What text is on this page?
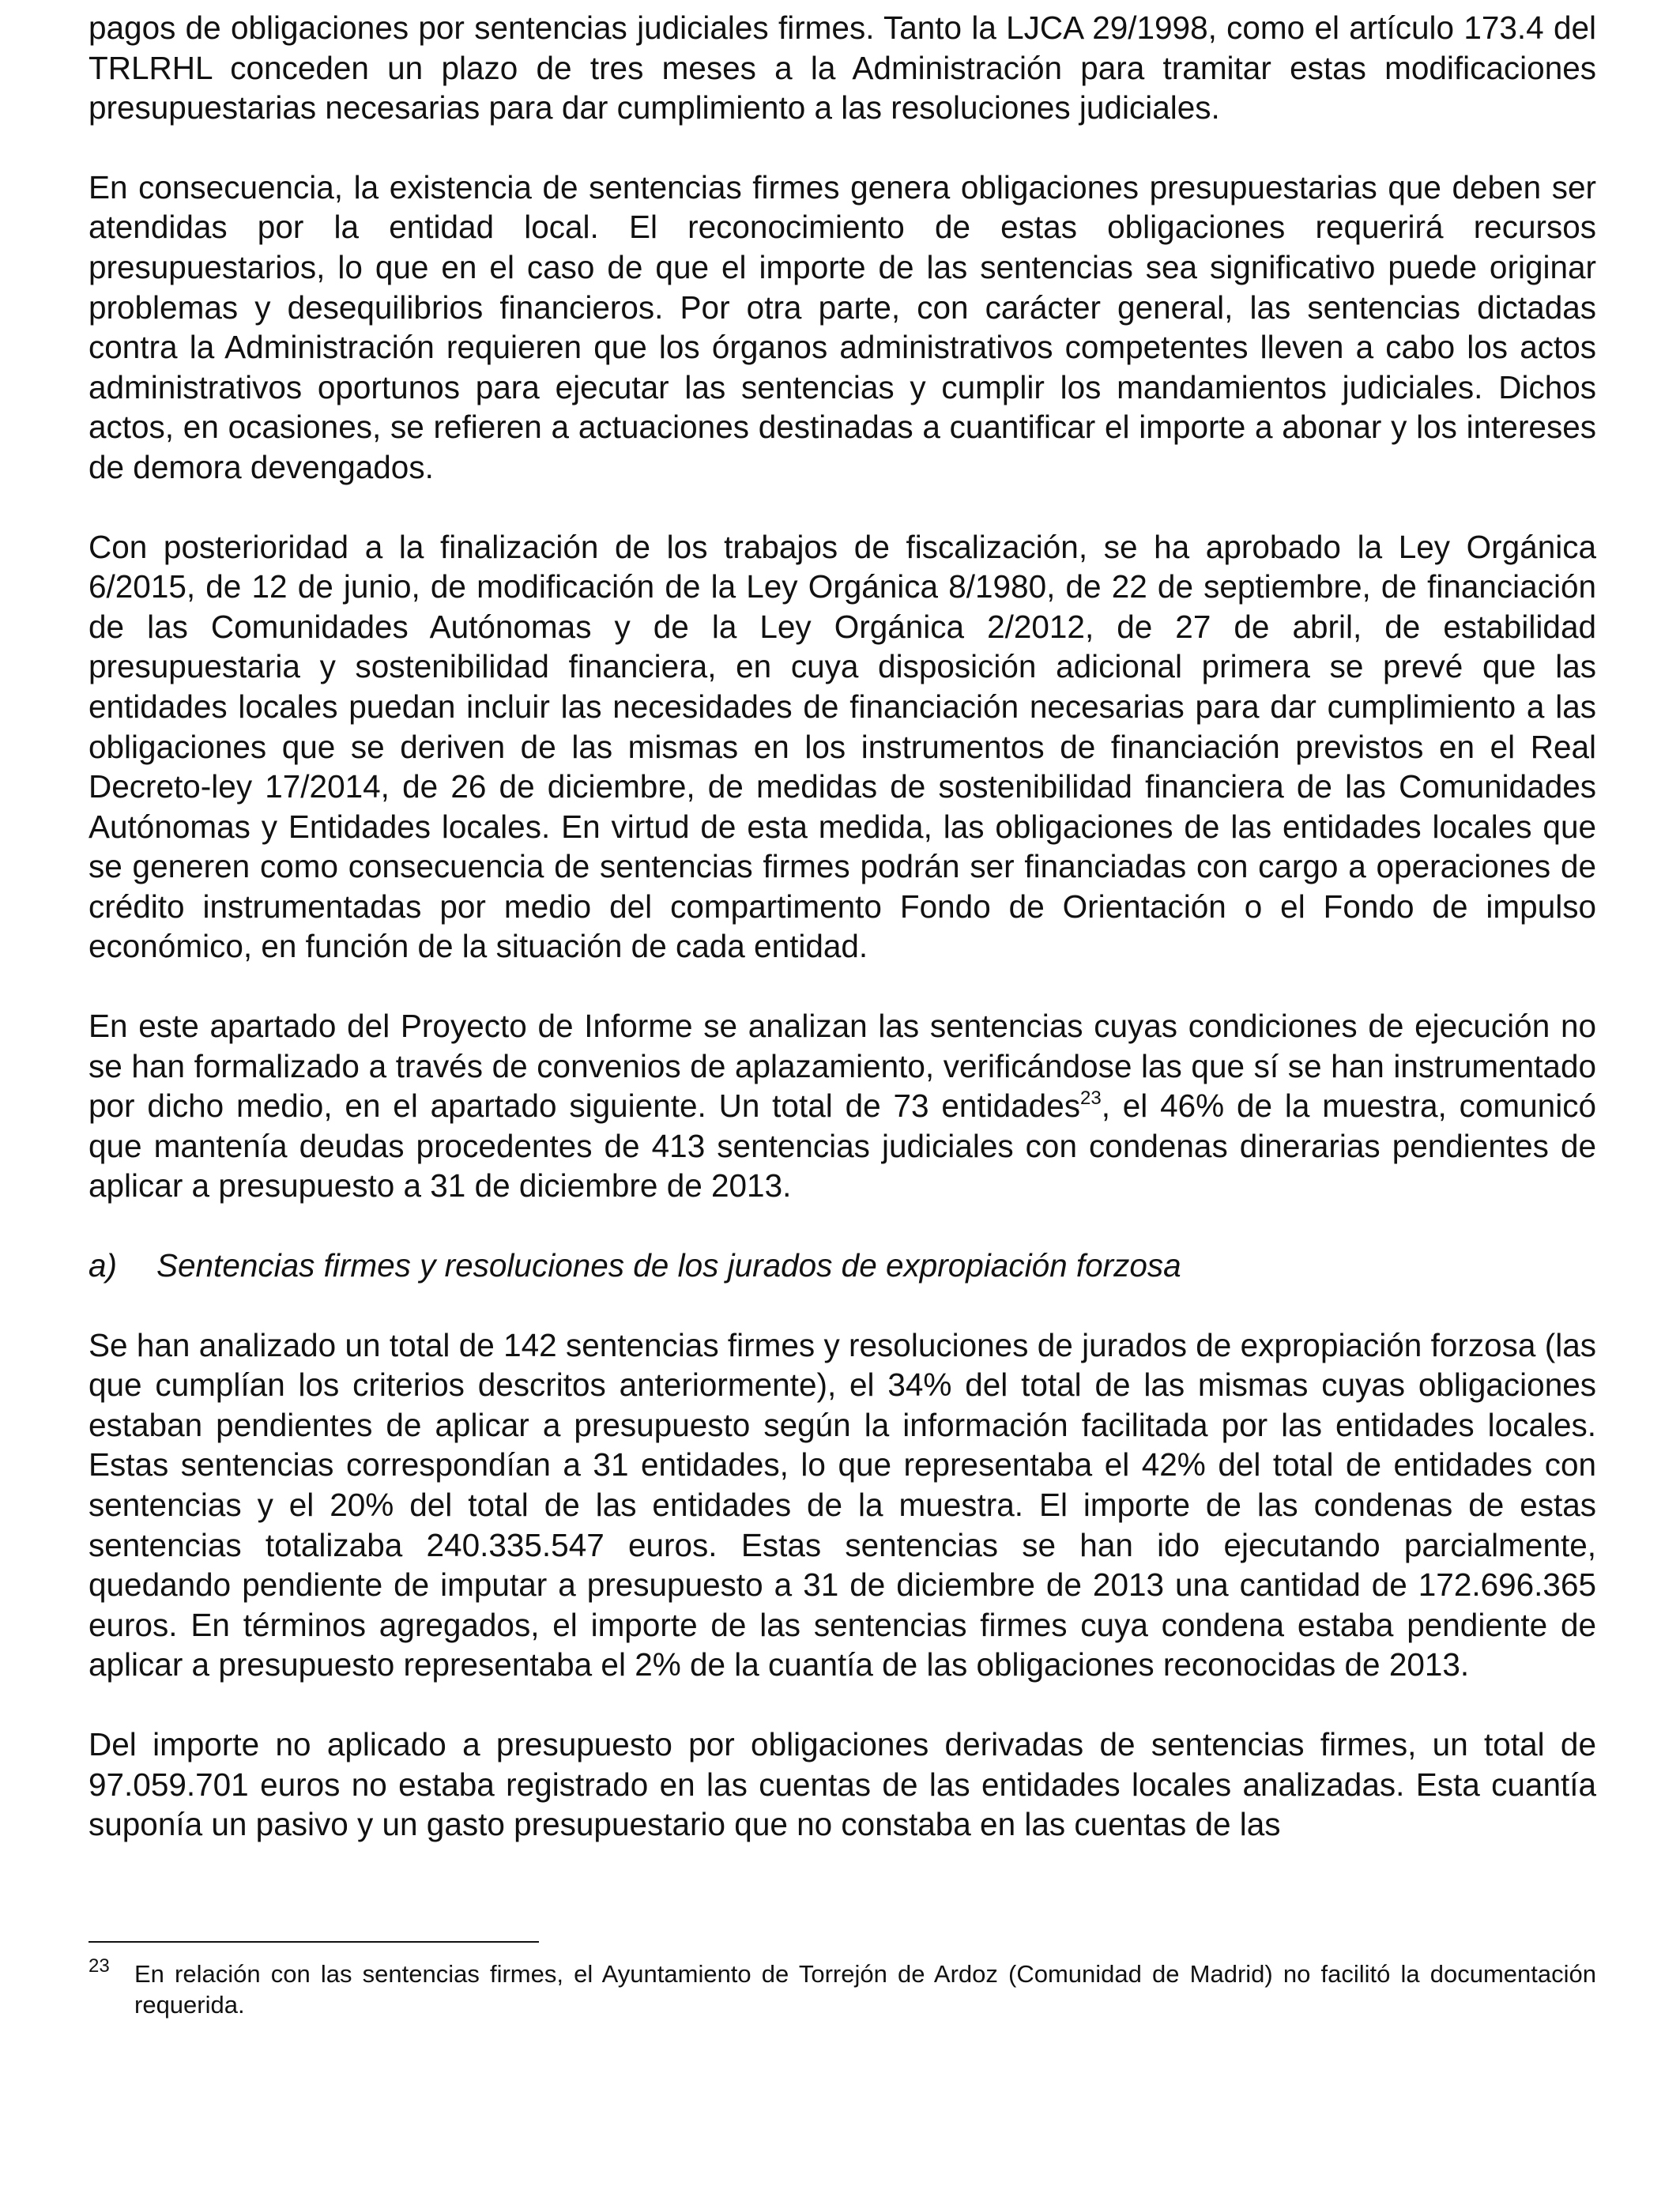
pagos de obligaciones por sentencias judiciales firmes. Tanto la LJCA 29/1998, como el artículo 173.4 del TRLRHL conceden un plazo de tres meses a la Administración para tramitar estas modificaciones presupuestarias necesarias para dar cumplimiento a las resoluciones judiciales.

En consecuencia, la existencia de sentencias firmes genera obligaciones presupuestarias que deben ser atendidas por la entidad local. El reconocimiento de estas obligaciones requerirá recursos presupuestarios, lo que en el caso de que el importe de las sentencias sea significativo puede originar problemas y desequilibrios financieros. Por otra parte, con carácter general, las sentencias dictadas contra la Administración requieren que los órganos administrativos competentes lleven a cabo los actos administrativos oportunos para ejecutar las sentencias y cumplir los mandamientos judiciales. Dichos actos, en ocasiones, se refieren a actuaciones destinadas a cuantificar el importe a abonar y los intereses de demora devengados.

Con posterioridad a la finalización de los trabajos de fiscalización, se ha aprobado la Ley Orgánica 6/2015, de 12 de junio, de modificación de la Ley Orgánica 8/1980, de 22 de septiembre, de financiación de las Comunidades Autónomas y de la Ley Orgánica 2/2012, de 27 de abril, de estabilidad presupuestaria y sostenibilidad financiera, en cuya disposición adicional primera se prevé que las entidades locales puedan incluir las necesidades de financiación necesarias para dar cumplimiento a las obligaciones que se deriven de las mismas en los instrumentos de financiación previstos en el Real Decreto-ley 17/2014, de 26 de diciembre, de medidas de sostenibilidad financiera de las Comunidades Autónomas y Entidades locales. En virtud de esta medida, las obligaciones de las entidades locales que se generen como consecuencia de sentencias firmes podrán ser financiadas con cargo a operaciones de crédito instrumentadas por medio del compartimento Fondo de Orientación o el Fondo de impulso económico, en función de la situación de cada entidad.

En este apartado del Proyecto de Informe se analizan las sentencias cuyas condiciones de ejecución no se han formalizado a través de convenios de aplazamiento, verificándose las que sí se han instrumentado por dicho medio, en el apartado siguiente. Un total de 73 entidades$^{23}$, el 46% de la muestra, comunicó que mantenía deudas procedentes de 413 sentencias judiciales con condenas dinerarias pendientes de aplicar a presupuesto a 31 de diciembre de 2013.

a)	Sentencias firmes y resoluciones de los jurados de expropiación forzosa

Se han analizado un total de 142 sentencias firmes y resoluciones de jurados de expropiación forzosa (las que cumplían los criterios descritos anteriormente), el 34% del total de las mismas cuyas obligaciones estaban pendientes de aplicar a presupuesto según la información facilitada por las entidades locales. Estas sentencias correspondían a 31 entidades, lo que representaba el 42% del total de entidades con sentencias y el 20% del total de las entidades de la muestra. El importe de las condenas de estas sentencias totalizaba 240.335.547 euros. Estas sentencias se han ido ejecutando parcialmente, quedando pendiente de imputar a presupuesto a 31 de diciembre de 2013 una cantidad de 172.696.365 euros. En términos agregados, el importe de las sentencias firmes cuya condena estaba pendiente de aplicar a presupuesto representaba el 2% de la cuantía de las obligaciones reconocidas de 2013.

Del importe no aplicado a presupuesto por obligaciones derivadas de sentencias firmes, un total de 97.059.701 euros no estaba registrado en las cuentas de las entidades locales analizadas. Esta cuantía suponía un pasivo y un gasto presupuestario que no constaba en las cuentas de las

23	En relación con las sentencias firmes, el Ayuntamiento de Torrejón de Ardoz (Comunidad de Madrid) no facilitó la documentación requerida.
